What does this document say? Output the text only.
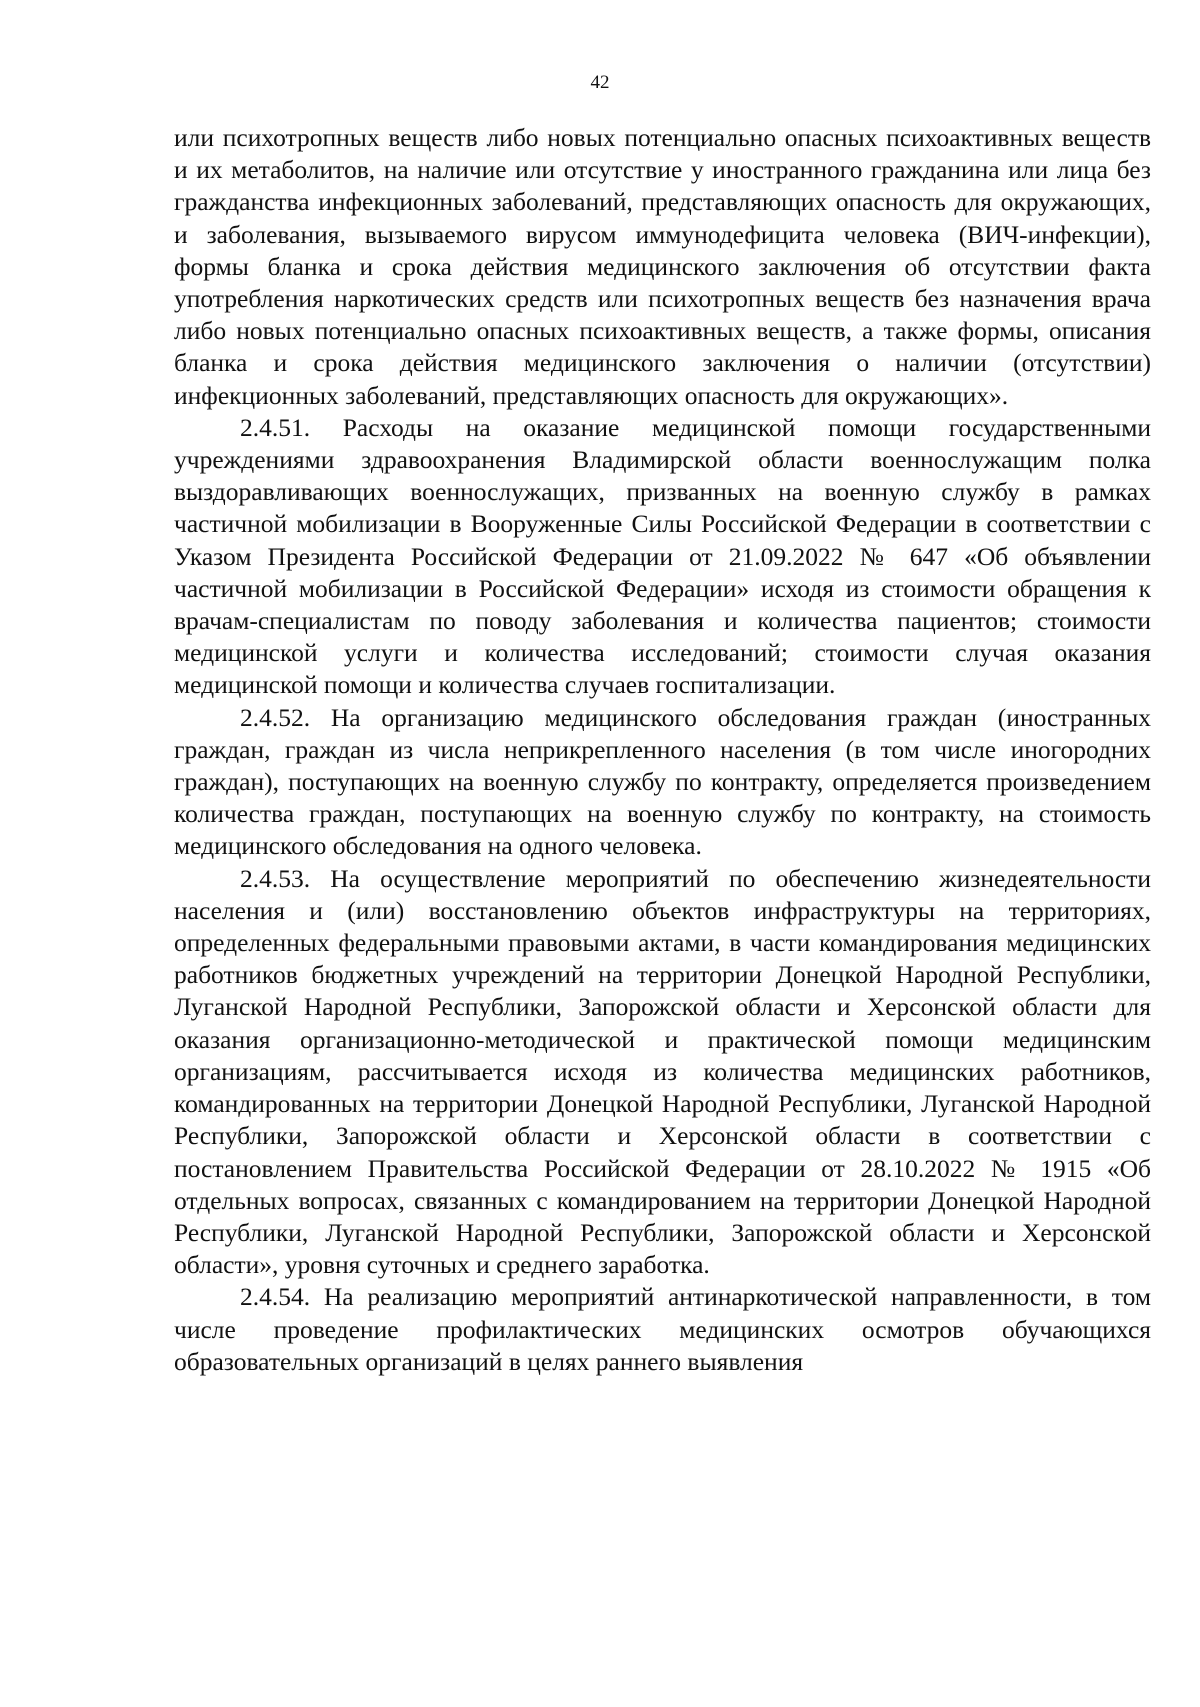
42

или психотропных веществ либо новых потенциально опасных психоактивных веществ и их метаболитов, на наличие или отсутствие у иностранного гражданина или лица без гражданства инфекционных заболеваний, представляющих опасность для окружающих, и заболевания, вызываемого вирусом иммунодефицита человека (ВИЧ-инфекции), формы бланка и срока действия медицинского заключения об отсутствии факта употребления наркотических средств или психотропных веществ без назначения врача либо новых потенциально опасных психоактивных веществ, а также формы, описания бланка и срока действия медицинского заключения о наличии (отсутствии) инфекционных заболеваний, представляющих опасность для окружающих».

2.4.51. Расходы на оказание медицинской помощи государственными учреждениями здравоохранения Владимирской области военнослужащим полка выздоравливающих военнослужащих, призванных на военную службу в рамках частичной мобилизации в Вооруженные Силы Российской Федерации в соответствии с Указом Президента Российской Федерации от 21.09.2022 № 647 «Об объявлении частичной мобилизации в Российской Федерации» исходя из стоимости обращения к врачам-специалистам по поводу заболевания и количества пациентов; стоимости медицинской услуги и количества исследований; стоимости случая оказания медицинской помощи и количества случаев госпитализации.

2.4.52. На организацию медицинского обследования граждан (иностранных граждан, граждан из числа неприкрепленного населения (в том числе иногородних граждан), поступающих на военную службу по контракту, определяется произведением количества граждан, поступающих на военную службу по контракту, на стоимость медицинского обследования на одного человека.

2.4.53. На осуществление мероприятий по обеспечению жизнедеятельности населения и (или) восстановлению объектов инфраструктуры на территориях, определенных федеральными правовыми актами, в части командирования медицинских работников бюджетных учреждений на территории Донецкой Народной Республики, Луганской Народной Республики, Запорожской области и Херсонской области для оказания организационно-методической и практической помощи медицинским организациям, рассчитывается исходя из количества медицинских работников, командированных на территории Донецкой Народной Республики, Луганской Народной Республики, Запорожской области и Херсонской области в соответствии с постановлением Правительства Российской Федерации от 28.10.2022 № 1915 «Об отдельных вопросах, связанных с командированием на территории Донецкой Народной Республики, Луганской Народной Республики, Запорожской области и Херсонской области», уровня суточных и среднего заработка.

2.4.54. На реализацию мероприятий антинаркотической направленности, в том числе проведение профилактических медицинских осмотров обучающихся образовательных организаций в целях раннего выявления
